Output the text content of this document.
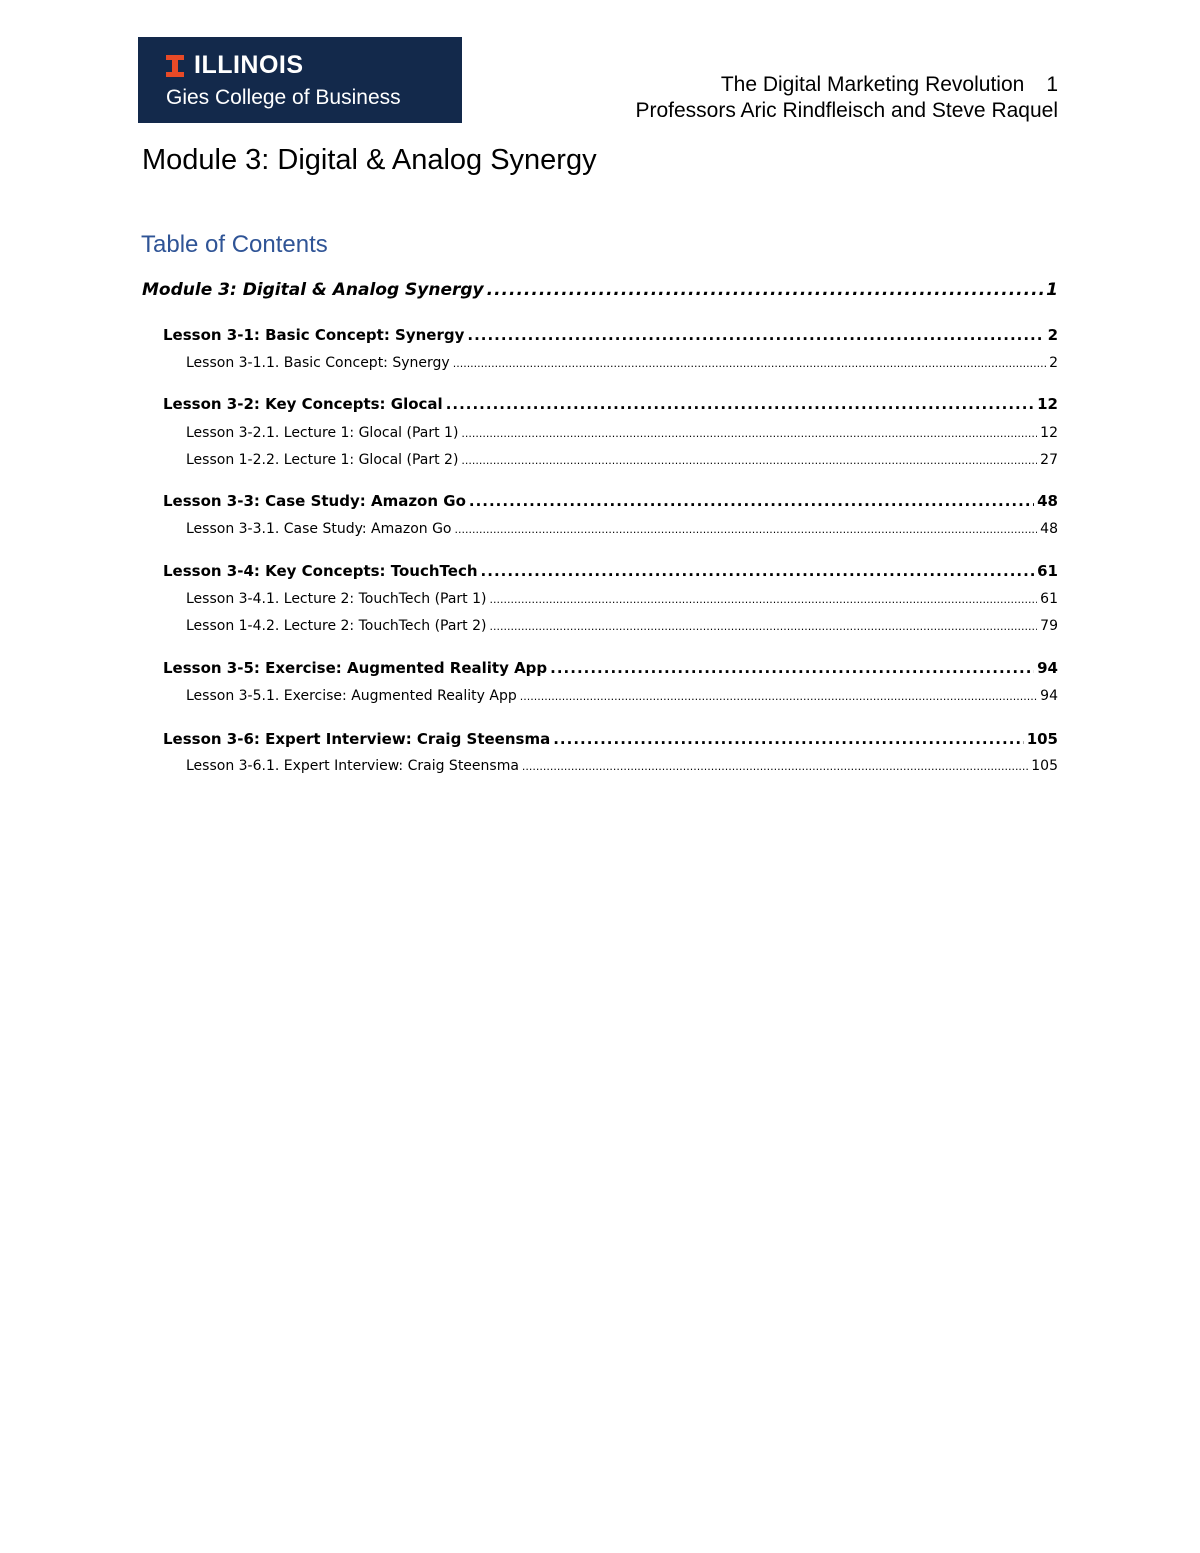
ILLINOIS
Gies College of Business
The Digital Marketing Revolution 1
Professors Aric Rindfleisch and Steve Raquel
Module 3: Digital & Analog Synergy
Table of Contents
Module 3: Digital & Analog Synergy .....	1
Lesson 3-1: Basic Concept: Synergy .....	2
Lesson 3-1.1. Basic Concept: Synergy .....	2
Lesson 3-2: Key Concepts: Glocal .....	12
Lesson 3-2.1. Lecture 1: Glocal (Part 1) .....	12
Lesson 1-2.2. Lecture 1: Glocal (Part 2) .....	27
Lesson 3-3: Case Study: Amazon Go .....	48
Lesson 3-3.1. Case Study: Amazon Go .....	48
Lesson 3-4: Key Concepts: TouchTech .....	61
Lesson 3-4.1. Lecture 2: TouchTech (Part 1) .....	61
Lesson 1-4.2. Lecture 2: TouchTech (Part 2) .....	79
Lesson 3-5: Exercise: Augmented Reality App .....	94
Lesson 3-5.1. Exercise: Augmented Reality App .....	94
Lesson 3-6: Expert Interview: Craig Steensma .....	105
Lesson 3-6.1. Expert Interview: Craig Steensma .....	105
